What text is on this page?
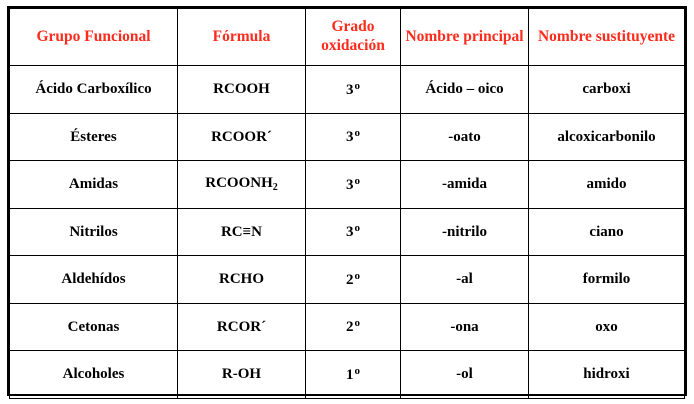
Grupo Funcional	Fórmula	Grado oxidación	Nombre principal	Nombre sustituyente
Ácido Carboxílico	RCOOH	3$^o$	Ácido – oico	carboxi
Ésteres	RCOOR´	3$^o$	-oato	alcoxicarbonilo
Amidas	$RCOONH_2$	3$^o$	-amida	amido
Nitrilos	RC≡N	3$^o$	-nitrilo	ciano
Aldehídos	RCHO	2$^o$	-al	formilo
Cetonas	RCOR´	2$^o$	-ona	oxo
Alcoholes	R-OH	1$^o$	-ol	hidroxi
